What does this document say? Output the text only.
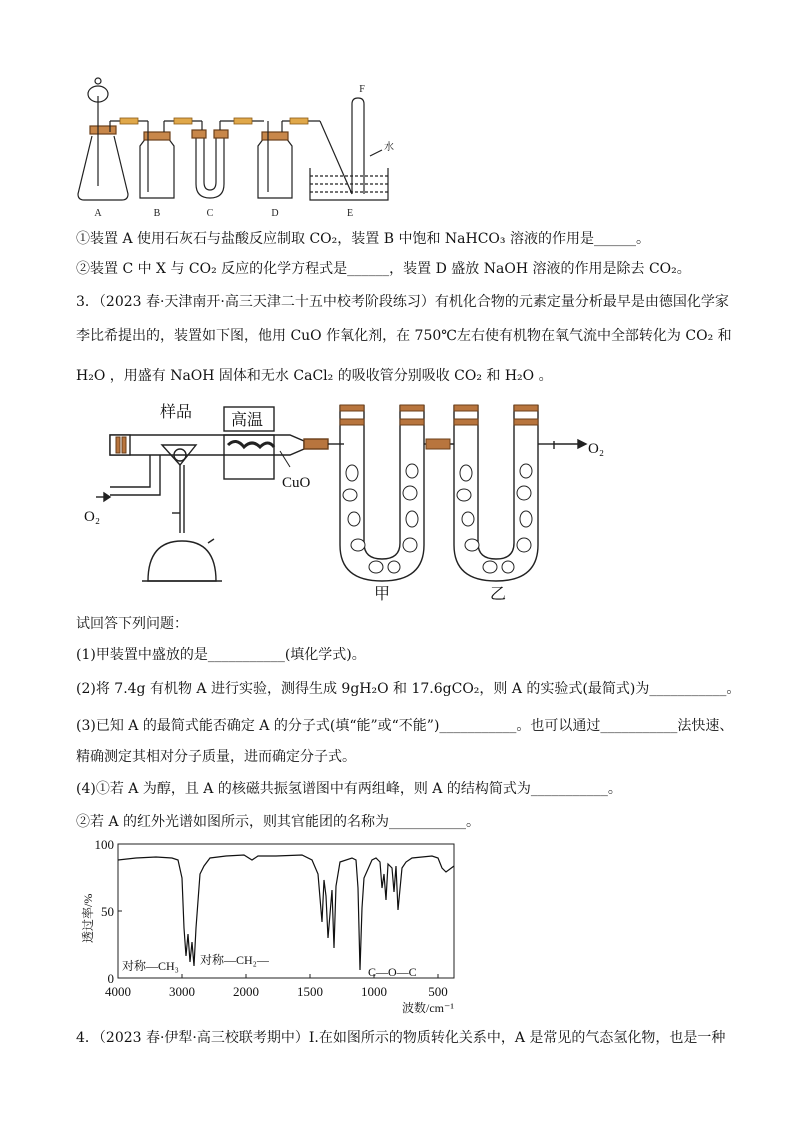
A	B	C	D	E
F
水
①装置 A 使用石灰石与盐酸反应制取 CO₂，装置 B 中饱和 NaHCO₃ 溶液的作用是______。
②装置 C 中 X 与 CO₂ 反应的化学方程式是______，装置 D 盛放 NaOH 溶液的作用是除去 CO₂。
3．（2023 春·天津南开·高三天津二十五中校考阶段练习）有机化合物的元素定量分析最早是由德国化学家
李比希提出的，装置如下图，他用 CuO 作氧化剂，在 750℃左右使有机物在氧气流中全部转化为 CO₂ 和
H₂O ，用盛有 NaOH 固体和无水 CaCl₂ 的吸收管分别吸收 CO₂ 和 H₂O 。
样品 高温
CuO
O₂
O₂
甲	乙
试回答下列问题：
(1)甲装置中盛放的是___________(填化学式)。
(2)将 7.4g 有机物 A 进行实验，测得生成 9gH₂O 和 17.6gCO₂，则 A 的实验式(最简式)为___________。
(3)已知 A 的最简式能否确定 A 的分子式(填“能”或“不能”)___________。也可以通过___________法快速、
精确测定其相对分子质量，进而确定分子式。
(4)①若 A 为醇，且 A 的核磁共振氢谱图中有两组峰，则 A 的结构简式为___________。
②若 A 的红外光谱如图所示，则其官能团的名称为___________。
100
50
0
4000	3000	2000	1500	1000	500
波数/cm⁻¹
透过率/%
对称—CH₃ 对称—CH₂—
C—O—C
4．（2023 春·伊犁·高三校联考期中）I.在如图所示的物质转化关系中，A 是常见的气态氢化物，也是一种
